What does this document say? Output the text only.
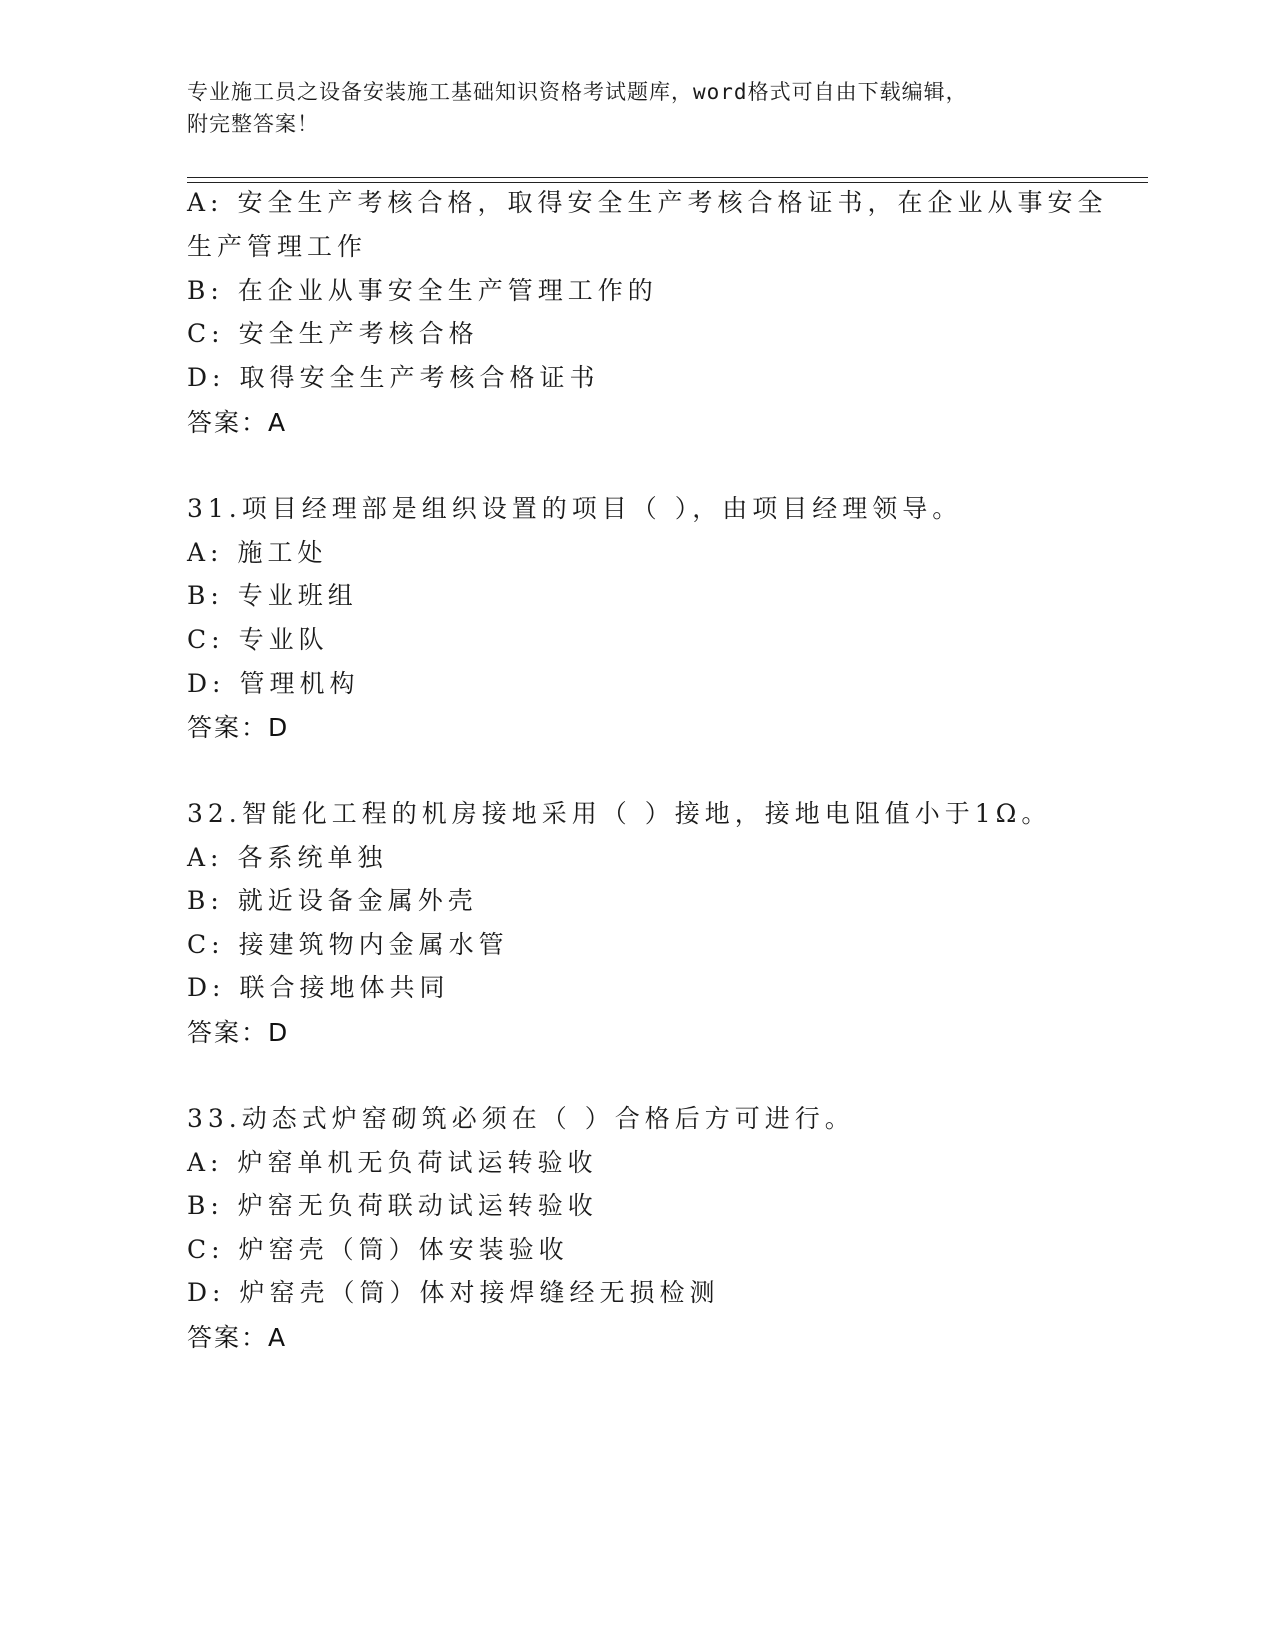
专业施工员之设备安装施工基础知识资格考试题库，word格式可自由下载编辑，
附完整答案！
A: 安全生产考核合格，取得安全生产考核合格证书，在企业从事安全
生产管理工作
B: 在企业从事安全生产管理工作的
C: 安全生产考核合格
D: 取得安全生产考核合格证书
答案：A
31.项目经理部是组织设置的项目（ ），由项目经理领导。
A: 施工处
B: 专业班组
C: 专业队
D: 管理机构
答案：D
32.智能化工程的机房接地采用（ ）接地，接地电阻值小于1Ω。
A: 各系统单独
B: 就近设备金属外壳
C: 接建筑物内金属水管
D: 联合接地体共同
答案：D
33.动态式炉窑砌筑必须在（ ）合格后方可进行。
A: 炉窑单机无负荷试运转验收
B: 炉窑无负荷联动试运转验收
C: 炉窑壳（筒）体安装验收
D: 炉窑壳（筒）体对接焊缝经无损检测
答案：A
